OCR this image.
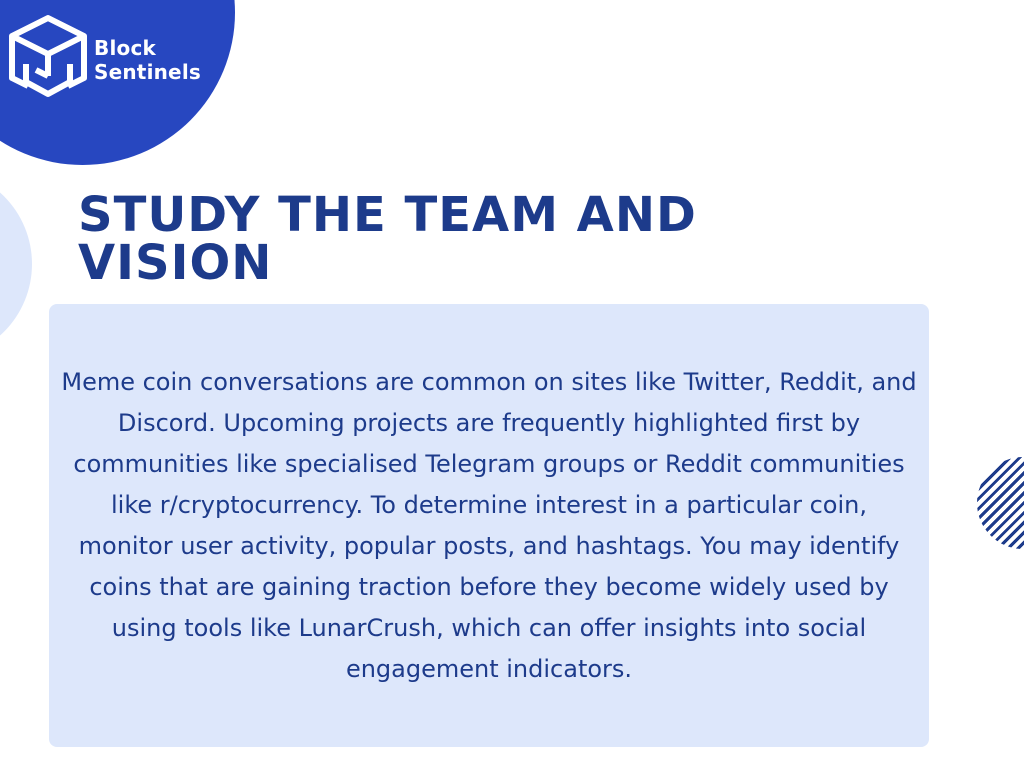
Block
Sentinels
STUDY THE TEAM AND VISION

Meme coin conversations are common on sites like Twitter, Reddit, and Discord. Upcoming projects are frequently highlighted first by communities like specialised Telegram groups or Reddit communities like r/cryptocurrency. To determine interest in a particular coin, monitor user activity, popular posts, and hashtags. You may identify coins that are gaining traction before they become widely used by using tools like LunarCrush, which can offer insights into social engagement indicators.
